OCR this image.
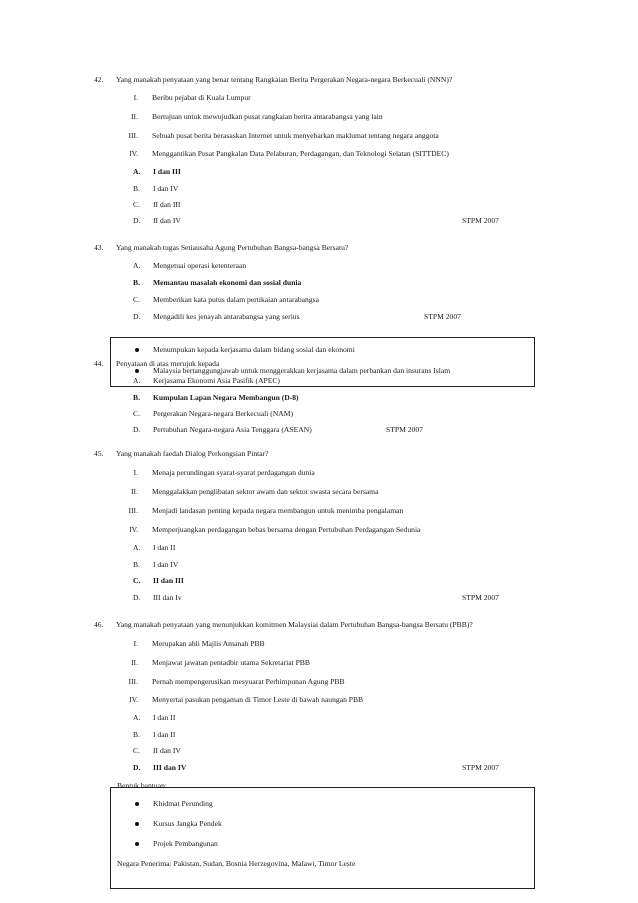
42. Yang manakah penyataan yang benar tentang Rangkaian Berita Pergerakan Negara-negara Berkecuali (NNN)?
I. Beribu pejabat di Kuala Lumpur
II. Bertujuan untuk mewujudkan pusat rangkaian berita antarabangsa yang lain
III. Sebuah pusat berita berasaskan Internet untuk menyebarkan maklumat tentang negara anggota
IV. Menggantikan Pusat Pangkalan Data Pelaburan, Perdagangan, dan Teknologi Selatan (SITTDEC)
A. I dan III
B. I dan IV
C. II dan III
D. II dan IV	STPM 2007
43. Yang manakah tugas Setiausaha Agung Pertubuhan Bangsa-bangsa Bersatu?
A. Mengetuai operasi ketenteraan
B. Memantau masalah ekonomi dan sosial dunia
C. Memberikan kata putus dalam pertikaian antarabangsa
D. Mengadili kes jenayah antarabangsa yang serius	STPM 2007
Menumpukan kepada kerjasama dalam bidang sosial dan ekonomi
Malaysia bertanggungjawab untuk menggerakkan kerjasama dalam perbankan dan insurans Islam
44. Penyataan di atas merujuk kepada
A. Kerjasama Ekonomi Asia Pasifik (APEC)
B. Kumpulan Lapan Negara Membangun (D-8)
C. Pergerakan Negara-negara Berkecuali (NAM)
D. Pertubuhan Negara-negara Asia Tenggara (ASEAN)	STPM 2007
45. Yang manakah faedah Dialog Perkongsian Pintar?
I. Menaja perundingan syarat-syarat perdagangan dunia
II. Menggalakkan penglibatan sektor awam dan sektor swasta secara bersama
III. Menjadi landasan penting kepada negara membangun untuk menimba pengalaman
IV. Memperjuangkan perdagangan bebas bersama dengan Pertubuhan Perdagangan Sedunia
A. I dan II
B. I dan IV
C. II dan III
D. III dan Iv	STPM 2007
46. Yang manakah penyataan yang menunjukkan komitmen Malaysiai dalam Pertubuhan Bangsa-bangsa Bersatu (PBB)?
I. Merupakan ahli Majlis Amanah PBB
II. Menjawat jawatan pentadbir utama Sekretariat PBB
III. Pernah mempengerusikan mesyuarat Perhimpunan Agung PBB
IV. Menyertai pasukan pengaman di Timor Leste di bawah naungan PBB
A. I dan II
B. I dan II
C. II dan IV
D. III dan IV	STPM 2007
Bentuk bantuan:
Khidmat Perunding
Kursus Jangka Pendek
Projek Pembangunan
Negara Penerima: Pakistan, Sudan, Bosnia Herzegovina, Malawi, Timor Leste
